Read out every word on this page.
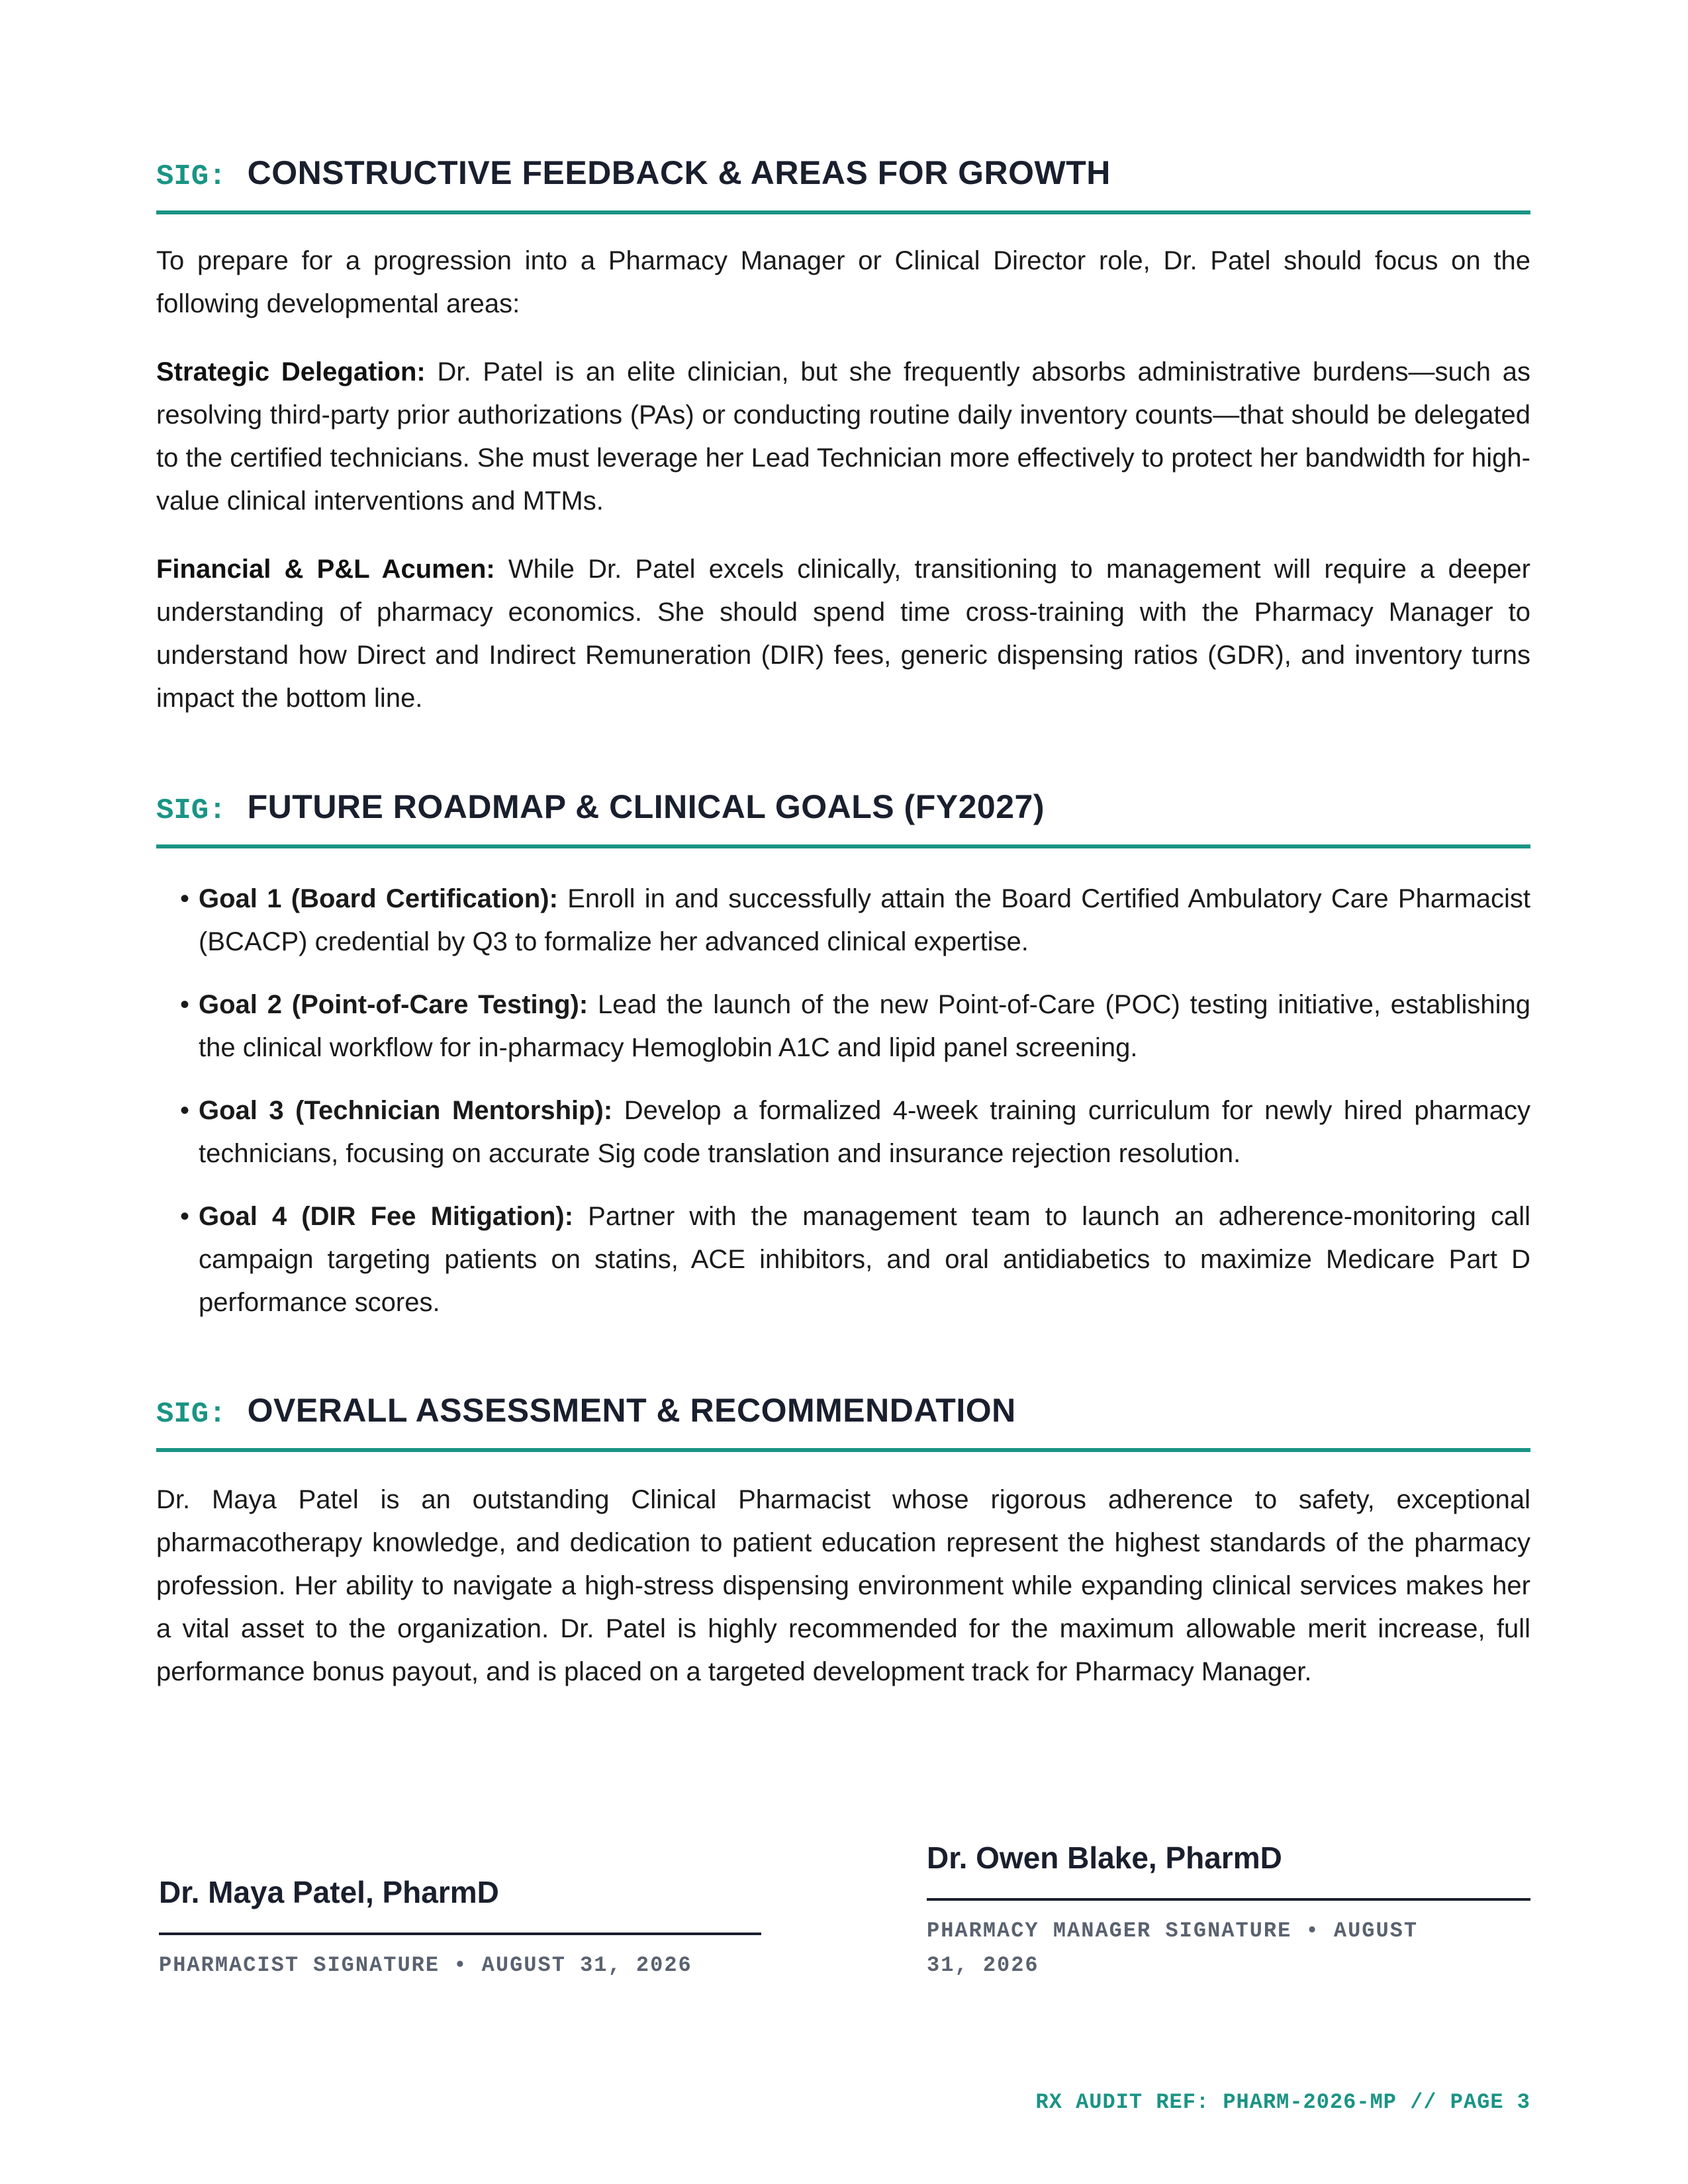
SIG: CONSTRUCTIVE FEEDBACK & AREAS FOR GROWTH

To prepare for a progression into a Pharmacy Manager or Clinical Director role, Dr. Patel should focus on the following developmental areas:

Strategic Delegation: Dr. Patel is an elite clinician, but she frequently absorbs administrative burdens—such as resolving third-party prior authorizations (PAs) or conducting routine daily inventory counts—that should be delegated to the certified technicians. She must leverage her Lead Technician more effectively to protect her bandwidth for high-value clinical interventions and MTMs.

Financial & P&L Acumen: While Dr. Patel excels clinically, transitioning to management will require a deeper understanding of pharmacy economics. She should spend time cross-training with the Pharmacy Manager to understand how Direct and Indirect Remuneration (DIR) fees, generic dispensing ratios (GDR), and inventory turns impact the bottom line.

SIG: FUTURE ROADMAP & CLINICAL GOALS (FY2027)
• Goal 1 (Board Certification): Enroll in and successfully attain the Board Certified Ambulatory Care Pharmacist (BCACP) credential by Q3 to formalize her advanced clinical expertise.
• Goal 2 (Point-of-Care Testing): Lead the launch of the new Point-of-Care (POC) testing initiative, establishing the clinical workflow for in-pharmacy Hemoglobin A1C and lipid panel screening.
• Goal 3 (Technician Mentorship): Develop a formalized 4-week training curriculum for newly hired pharmacy technicians, focusing on accurate Sig code translation and insurance rejection resolution.
• Goal 4 (DIR Fee Mitigation): Partner with the management team to launch an adherence-monitoring call campaign targeting patients on statins, ACE inhibitors, and oral antidiabetics to maximize Medicare Part D performance scores.
SIG: OVERALL ASSESSMENT & RECOMMENDATION

Dr. Maya Patel is an outstanding Clinical Pharmacist whose rigorous adherence to safety, exceptional pharmacotherapy knowledge, and dedication to patient education represent the highest standards of the pharmacy profession. Her ability to navigate a high-stress dispensing environment while expanding clinical services makes her a vital asset to the organization. Dr. Patel is highly recommended for the maximum allowable merit increase, full performance bonus payout, and is placed on a targeted development track for Pharmacy Manager.

Dr. Maya Patel, PharmD
PHARMACIST SIGNATURE • AUGUST 31, 2026
Dr. Owen Blake, PharmD
PHARMACY MANAGER SIGNATURE • AUGUST 31, 2026
RX AUDIT REF: PHARM-2026-MP // PAGE 3
